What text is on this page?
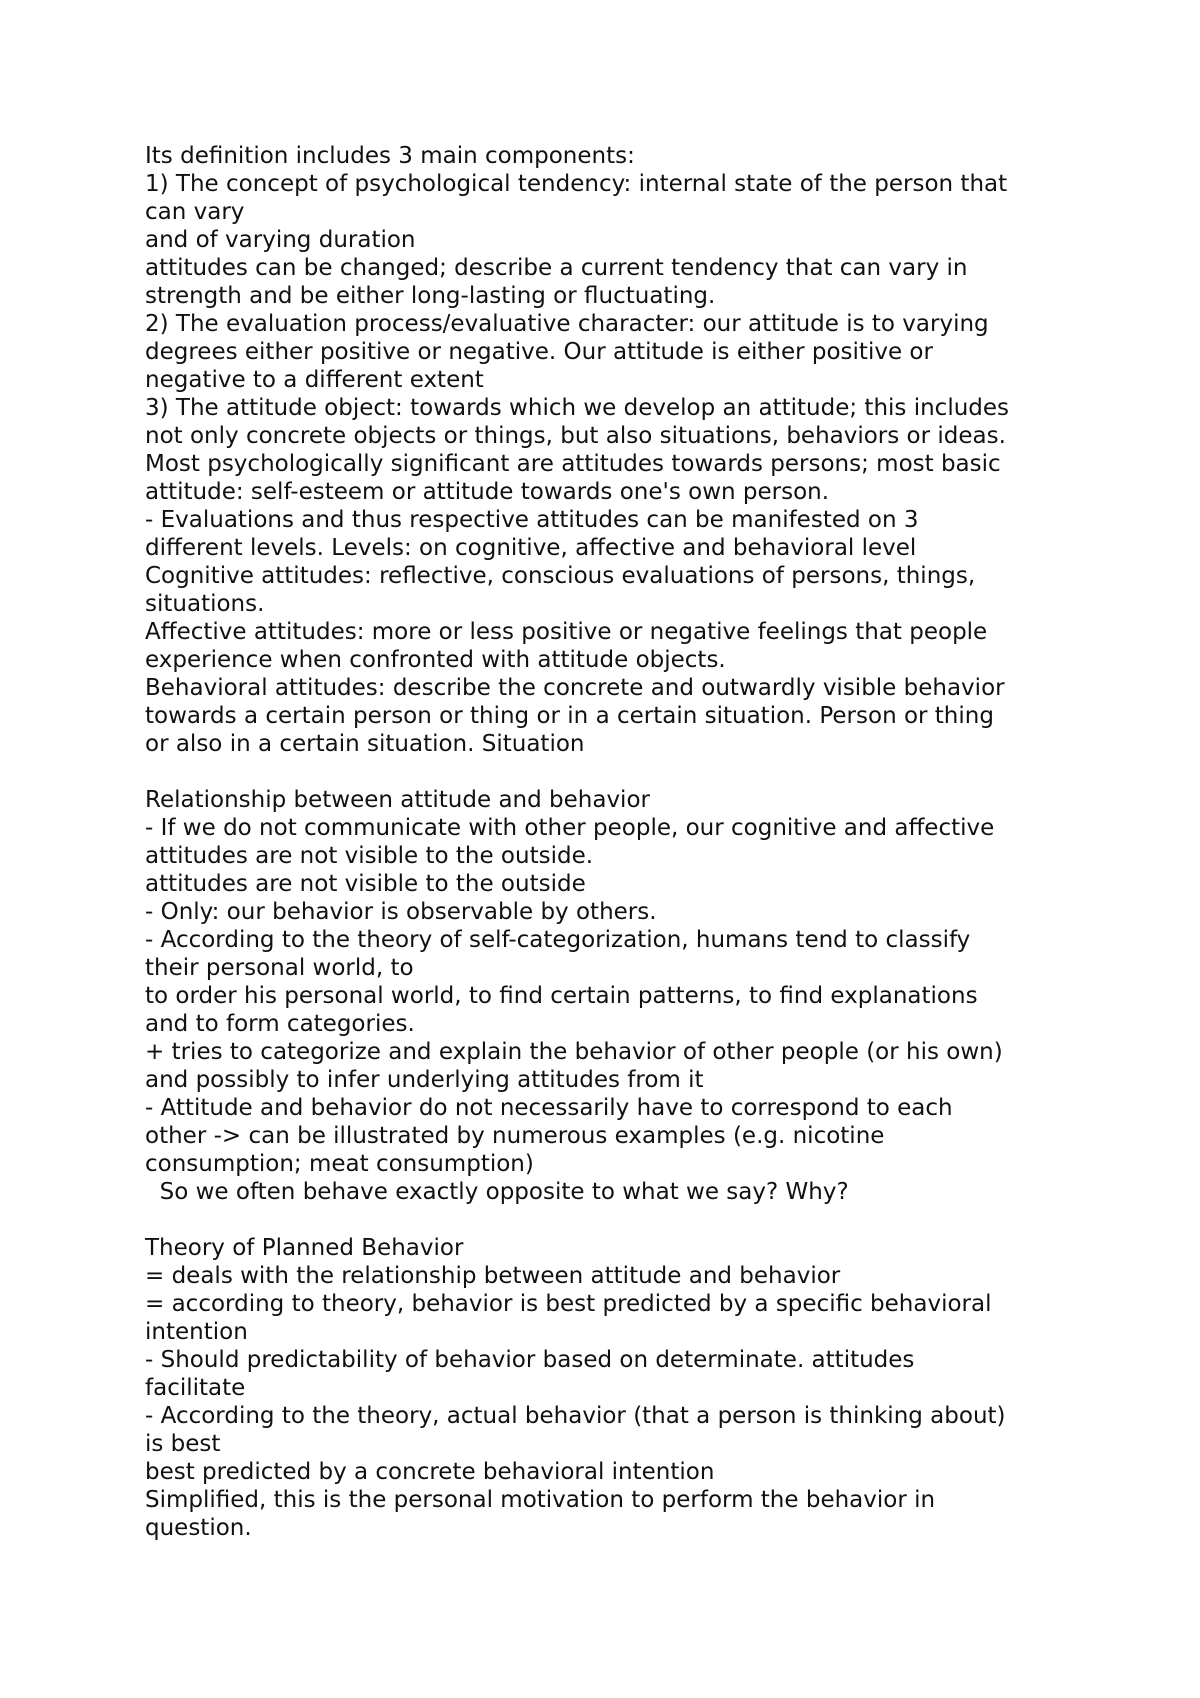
Its definition includes 3 main components:
1) The concept of psychological tendency: internal state of the person that
can vary
and of varying duration
attitudes can be changed; describe a current tendency that can vary in
strength and be either long-lasting or fluctuating.
2) The evaluation process/evaluative character: our attitude is to varying
degrees either positive or negative. Our attitude is either positive or
negative to a different extent
3) The attitude object: towards which we develop an attitude; this includes
not only concrete objects or things, but also situations, behaviors or ideas.
Most psychologically significant are attitudes towards persons; most basic
attitude: self-esteem or attitude towards one's own person.
- Evaluations and thus respective attitudes can be manifested on 3
different levels. Levels: on cognitive, affective and behavioral level
Cognitive attitudes: reflective, conscious evaluations of persons, things,
situations.
Affective attitudes: more or less positive or negative feelings that people
experience when confronted with attitude objects.
Behavioral attitudes: describe the concrete and outwardly visible behavior
towards a certain person or thing or in a certain situation. Person or thing
or also in a certain situation. Situation
Relationship between attitude and behavior
- If we do not communicate with other people, our cognitive and affective
attitudes are not visible to the outside.
attitudes are not visible to the outside
- Only: our behavior is observable by others.
- According to the theory of self-categorization, humans tend to classify
their personal world, to
to order his personal world, to find certain patterns, to find explanations
and to form categories.
+ tries to categorize and explain the behavior of other people (or his own)
and possibly to infer underlying attitudes from it
- Attitude and behavior do not necessarily have to correspond to each
other -> can be illustrated by numerous examples (e.g. nicotine
consumption; meat consumption)
So we often behave exactly opposite to what we say? Why?
Theory of Planned Behavior
= deals with the relationship between attitude and behavior
= according to theory, behavior is best predicted by a specific behavioral
intention
- Should predictability of behavior based on determinate. attitudes
facilitate
- According to the theory, actual behavior (that a person is thinking about)
is best
best predicted by a concrete behavioral intention
Simplified, this is the personal motivation to perform the behavior in
question.
